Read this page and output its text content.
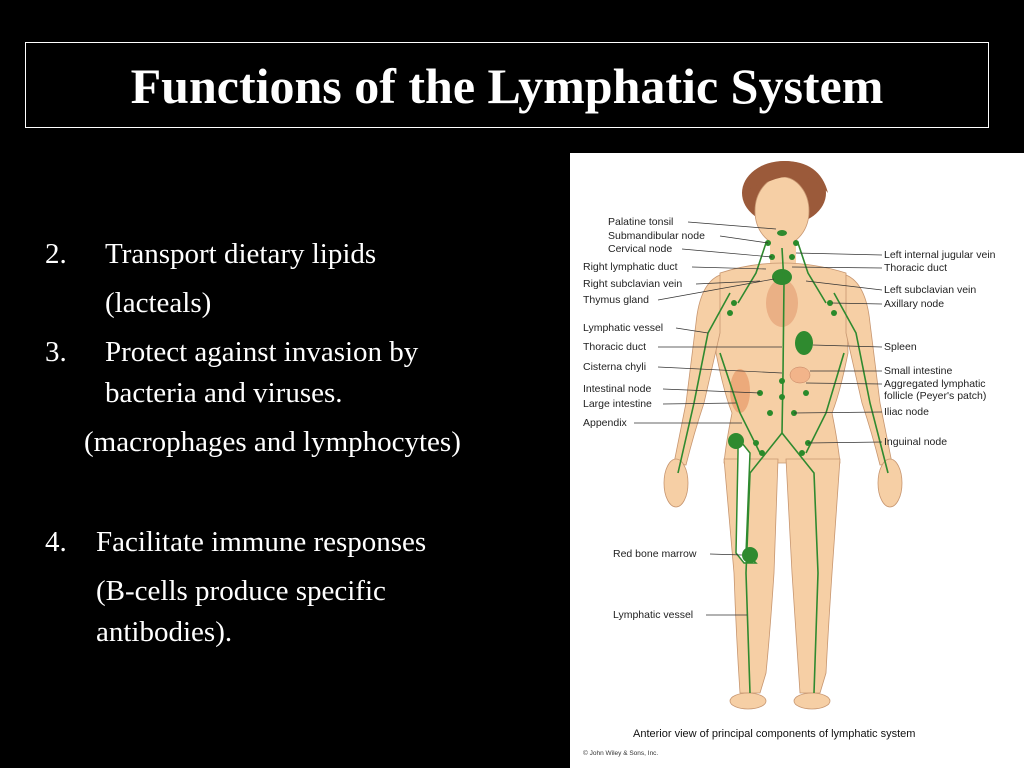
Functions of the Lymphatic System
2. Transport dietary lipids
(lacteals)
3. Protect against invasion by
bacteria and viruses.
(macrophages and lymphocytes)
4. Facilitate immune responses
(B-cells produce specific
antibodies).
Palatine tonsil
Submandibular node
Cervical node
Right lymphatic duct
Right subclavian vein
Thymus gland
Lymphatic vessel
Thoracic duct
Cisterna chyli
Intestinal node
Large intestine
Appendix
Red bone marrow
Lymphatic vessel
Left internal jugular vein
Thoracic duct
Left subclavian vein
Axillary node
Spleen
Small intestine
Aggregated lymphatic
follicle (Peyer's patch)
Iliac node
Inguinal node
Anterior view of principal components of lymphatic system
© John Wiley & Sons, Inc.
